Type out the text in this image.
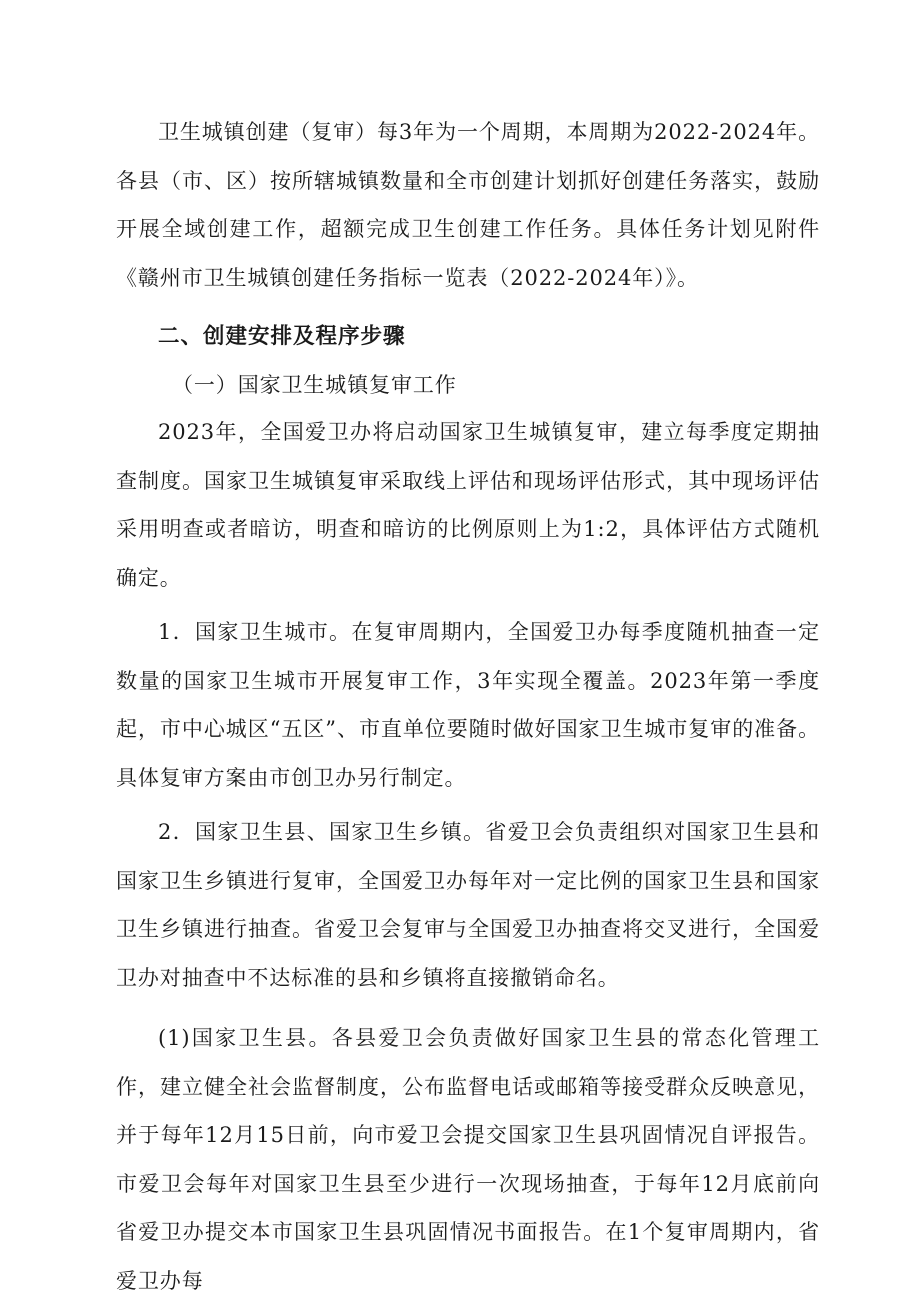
卫生城镇创建（复审）每3年为一个周期，本周期为2022-2024年。各县（市、区）按所辖城镇数量和全市创建计划抓好创建任务落实，鼓励开展全域创建工作，超额完成卫生创建工作任务。具体任务计划见附件《赣州市卫生城镇创建任务指标一览表（2022-2024年）》。

二、创建安排及程序步骤

（一）国家卫生城镇复审工作

2023年，全国爱卫办将启动国家卫生城镇复审，建立每季度定期抽查制度。国家卫生城镇复审采取线上评估和现场评估形式，其中现场评估采用明查或者暗访，明查和暗访的比例原则上为1:2，具体评估方式随机确定。

1．国家卫生城市。在复审周期内，全国爱卫办每季度随机抽查一定数量的国家卫生城市开展复审工作，3年实现全覆盖。2023年第一季度起，市中心城区“五区”、市直单位要随时做好国家卫生城市复审的准备。具体复审方案由市创卫办另行制定。

2．国家卫生县、国家卫生乡镇。省爱卫会负责组织对国家卫生县和国家卫生乡镇进行复审，全国爱卫办每年对一定比例的国家卫生县和国家卫生乡镇进行抽查。省爱卫会复审与全国爱卫办抽查将交叉进行，全国爱卫办对抽查中不达标准的县和乡镇将直接撤销命名。

(1)国家卫生县。各县爱卫会负责做好国家卫生县的常态化管理工作，建立健全社会监督制度，公布监督电话或邮箱等接受群众反映意见，并于每年12月15日前，向市爱卫会提交国家卫生县巩固情况自评报告。市爱卫会每年对国家卫生县至少进行一次现场抽查，于每年12月底前向省爱卫办提交本市国家卫生县巩固情况书面报告。在1个复审周期内，省爱卫办每
